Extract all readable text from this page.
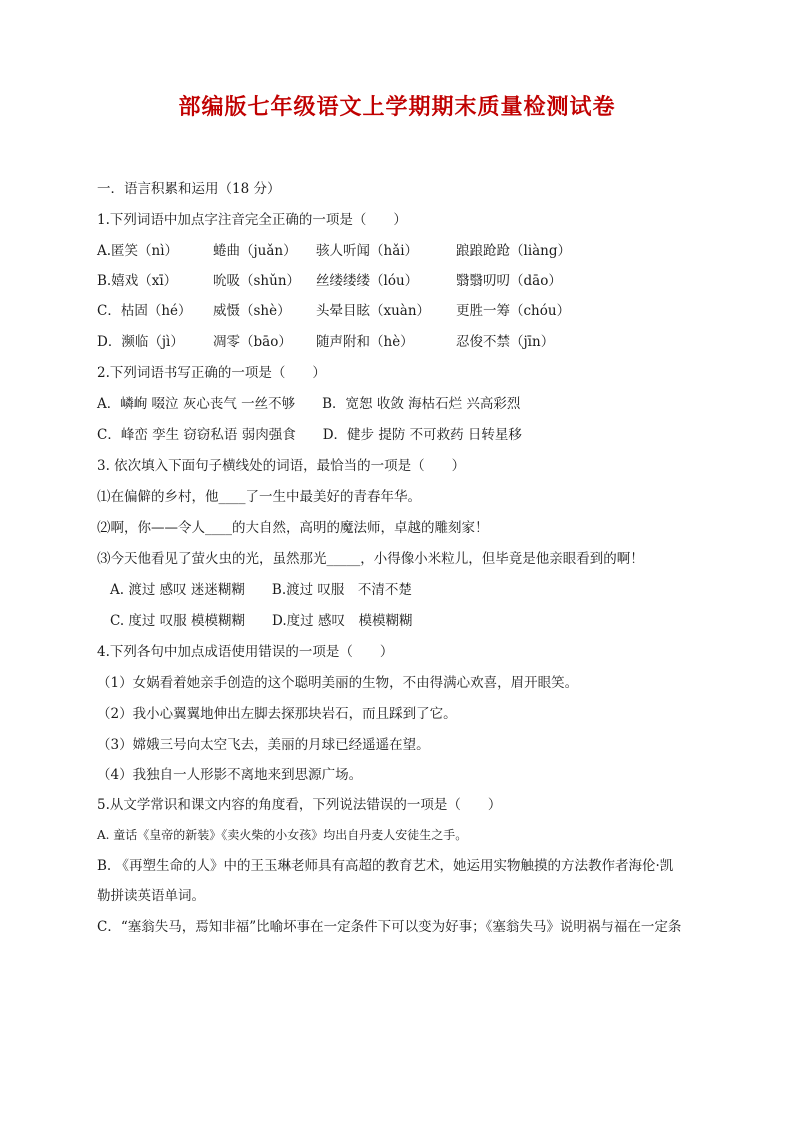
部编版七年级语文上学期期末质量检测试卷
一．语言积累和运用（18 分）
1.下列词语中加点字注音完全正确的一项是（　　）
A.匿笑（nì）	蜷曲（juǎn）	骇人听闻（hǎi）	踉踉跄跄（liàng）
B.嬉戏（xī）	吮吸（shǔn）	丝缕缕缕（lóu）	翳翳叨叨（dāo）
C．枯固（hé）	威慑（shè）	头晕目眩（xuàn）	更胜一筹（chóu）
D．濒临（jì）	凋零（bāo）	随声附和（hè）	忍俊不禁（jīn）
2.下列词语书写正确的一项是（　　）
A．嶙峋 啜泣 灰心丧气 一丝不够　　B．宽恕 收敛 海枯石烂 兴高彩烈
C．峰峦 孪生 窃窃私语 弱肉强食　　D．健步 提防 不可救药 日转星移
3. 依次填入下面句子横线处的词语，最恰当的一项是（　　）
⑴在偏僻的乡村，他____了一生中最美好的青春年华。
⑵啊，你——令人____的大自然，高明的魔法师，卓越的雕刻家！
⑶今天他看见了萤火虫的光，虽然那光_____，小得像小米粒儿，但毕竟是他亲眼看到的啊！
A. 渡过 感叹 迷迷糊糊　　B.渡过 叹服　不清不楚
C. 度过 叹服 模模糊糊　　D.度过 感叹　模模糊糊
4.下列各句中加点成语使用错误的一项是（　　）
（1）女娲看着她亲手创造的这个聪明美丽的生物，不由得满心欢喜，眉开眼笑。
（2）我小心翼翼地伸出左脚去探那块岩石，而且踩到了它。
（3）嫦娥三号向太空飞去，美丽的月球已经遥遥在望。
（4）我独自一人形影不离地来到思源广场。
5.从文学常识和课文内容的角度看，下列说法错误的一项是（　　）
A. 童话《皇帝的新装》《卖火柴的小女孩》均出自丹麦人安徒生之手。
B. 《再塑生命的人》中的王玉琳老师具有高超的教育艺术，她运用实物触摸的方法教作者海伦·凯
勒拼读英语单词。
C．“塞翁失马，焉知非福”比喻坏事在一定条件下可以变为好事；《塞翁失马》说明祸与福在一定条
